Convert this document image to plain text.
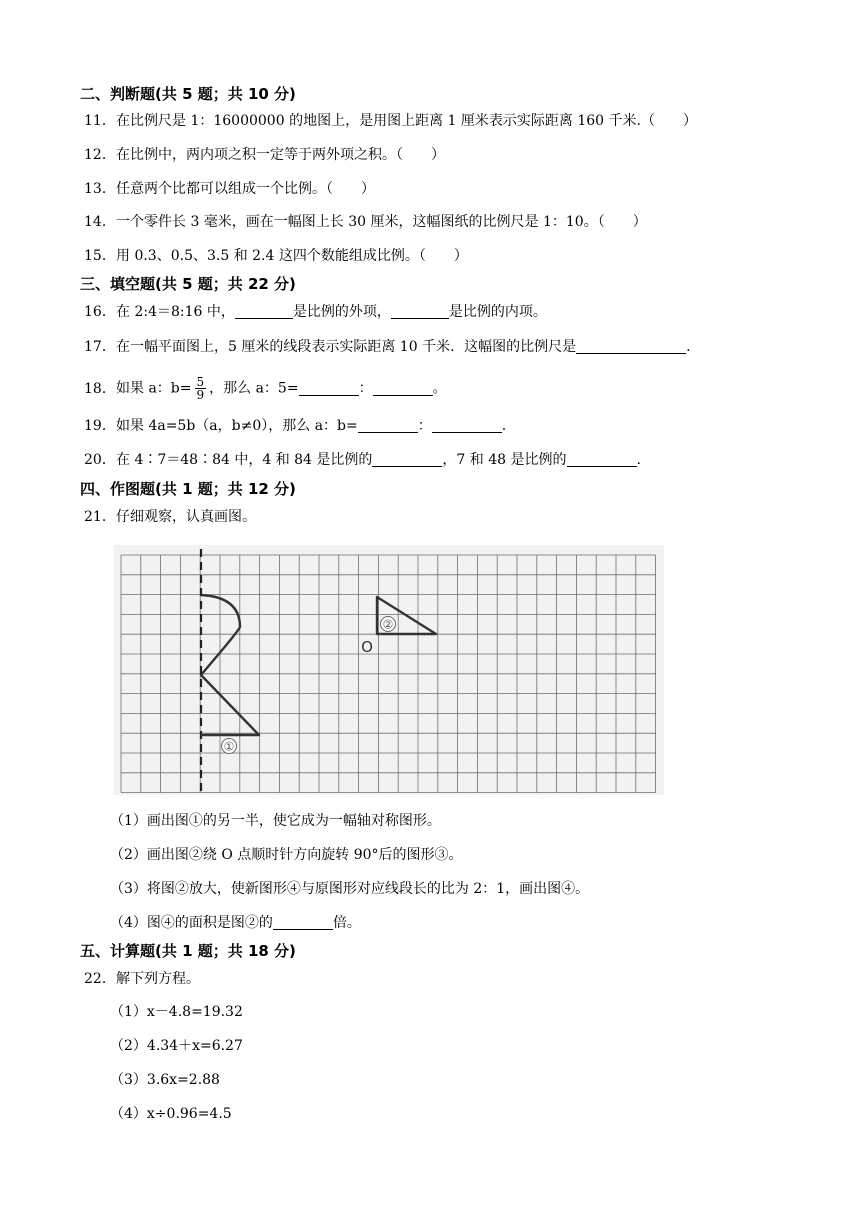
二、判断题(共 5 题；共 10 分)
11．在比例尺是 1：16000000 的地图上，是用图上距离 1 厘米表示实际距离 160 千米.（　　）
12．在比例中，两内项之积一定等于两外项之积。（　　）
13．任意两个比都可以组成一个比例。（　　）
14．一个零件长 3 毫米，画在一幅图上长 30 厘米，这幅图纸的比例尺是 1：10。（　　）
15．用 0.3、0.5、3.5 和 2.4 这四个数能组成比例。（　　）
三、填空题(共 5 题；共 22 分)
16．在 2:4＝8:16 中，	是比例的外项，	是比例的内项。
17．在一幅平面图上，5 厘米的线段表示实际距离 10 千米．这幅图的比例尺是	.
18．如果 a：$b= \frac{5}{9}$ ，那么 a：5=	：	。
19．如果 4a=5b（a，b≠0），那么 a：b=	：	.
20．在 4∶7＝48∶84 中，4 和 84 是比例的	，7 和 48 是比例的	.
四、作图题(共 1 题；共 12 分)
21．仔细观察，认真画图。
①
②
O
（1）画出图①的另一半，使它成为一幅轴对称图形。
（2）画出图②绕 O 点顺时针方向旋转 90°后的图形③。
（3）将图②放大，使新图形④与原图形对应线段长的比为 2：1，画出图④。
（4）图④的面积是图②的	倍。
五、计算题(共 1 题；共 18 分)
22．解下列方程。
（1）x－4.8=19.32
（2）4.34＋x=6.27
（3）3.6x=2.88
（4）x÷0.96=4.5
